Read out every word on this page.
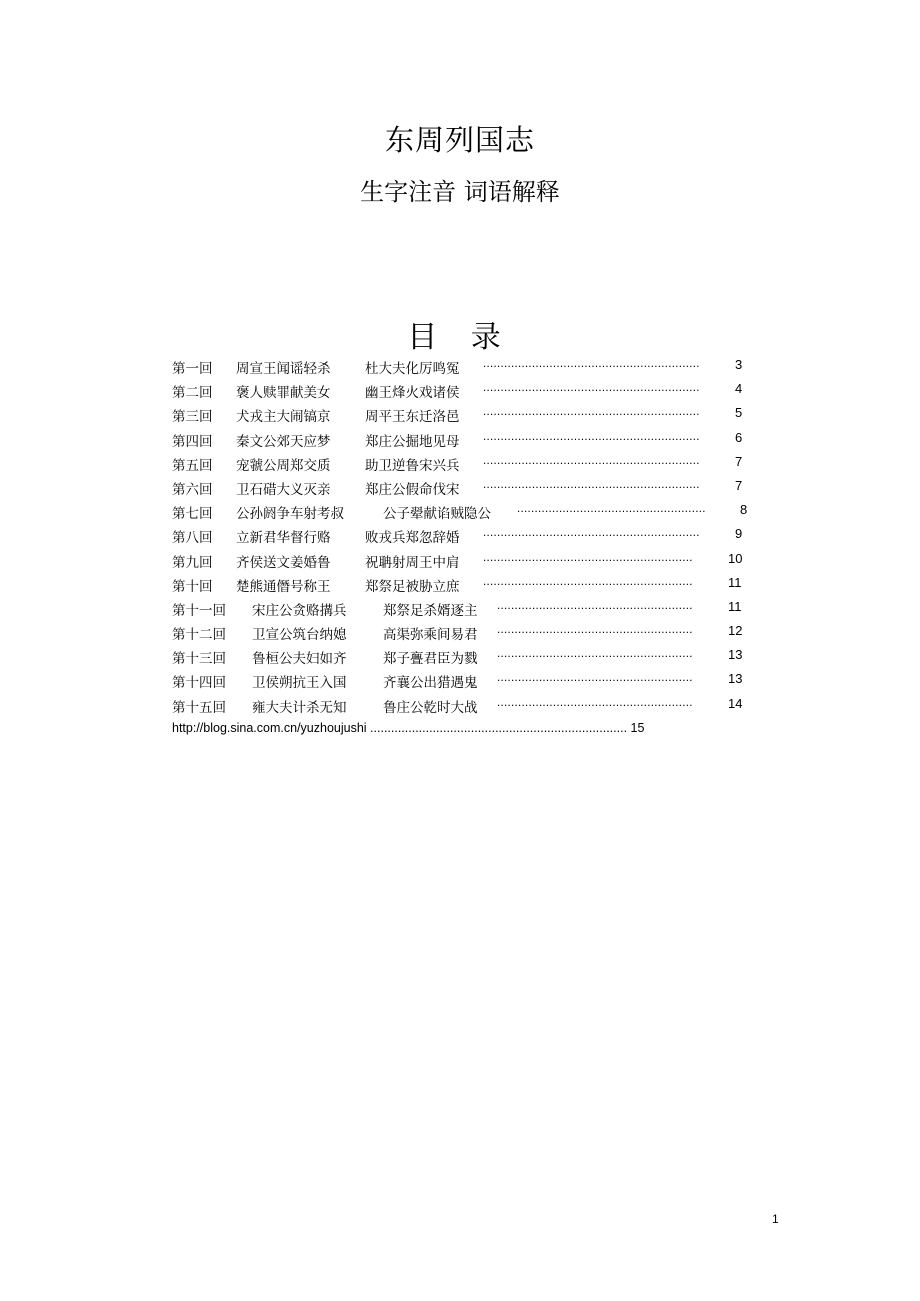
东周列国志
生字注音 词语解释
目 录
第一回 周宣王闻谣轻杀	杜大夫化厉鸣冤 ..............................................................	3
第二回 褒人赎罪献美女	幽王烽火戏诸侯 ..............................................................	4
第三回 犬戎主大闹镐京	周平王东迁洛邑 ..............................................................	5
第四回 秦文公郊天应梦	郑庄公掘地见母 ..............................................................	6
第五回 宠虢公周郑交质	助卫逆鲁宋兴兵 ..............................................................	7
第六回 卫石碏大义灭亲	郑庄公假命伐宋 ..............................................................	7
第七回 公孙阏争车射考叔	公子翚献谄贼隐公 ......................................................	8
第八回 立新君华督行赂	败戎兵郑忽辞婚 ..............................................................	9
第九回 齐侯送文姜婚鲁	祝聃射周王中肩 ............................................................	10
第十回 楚熊通僭号称王	郑祭足被胁立庶 ............................................................	11
第十一回 宋庄公贪赂搆兵	郑祭足杀婿逐主 ........................................................	11
第十二回 卫宣公筑台纳媳	高渠弥乘间易君 ........................................................	12
第十三回 鲁桓公夫妇如齐	郑子亹君臣为戮 ........................................................	13
第十四回 卫侯朔抗王入国	齐襄公出猎遇鬼 ........................................................	13
第十五回 雍大夫计杀无知	鲁庄公乾时大战 ........................................................	14
http://blog.sina.com.cn/yuzhoujushi .......................................................................... 15
1
